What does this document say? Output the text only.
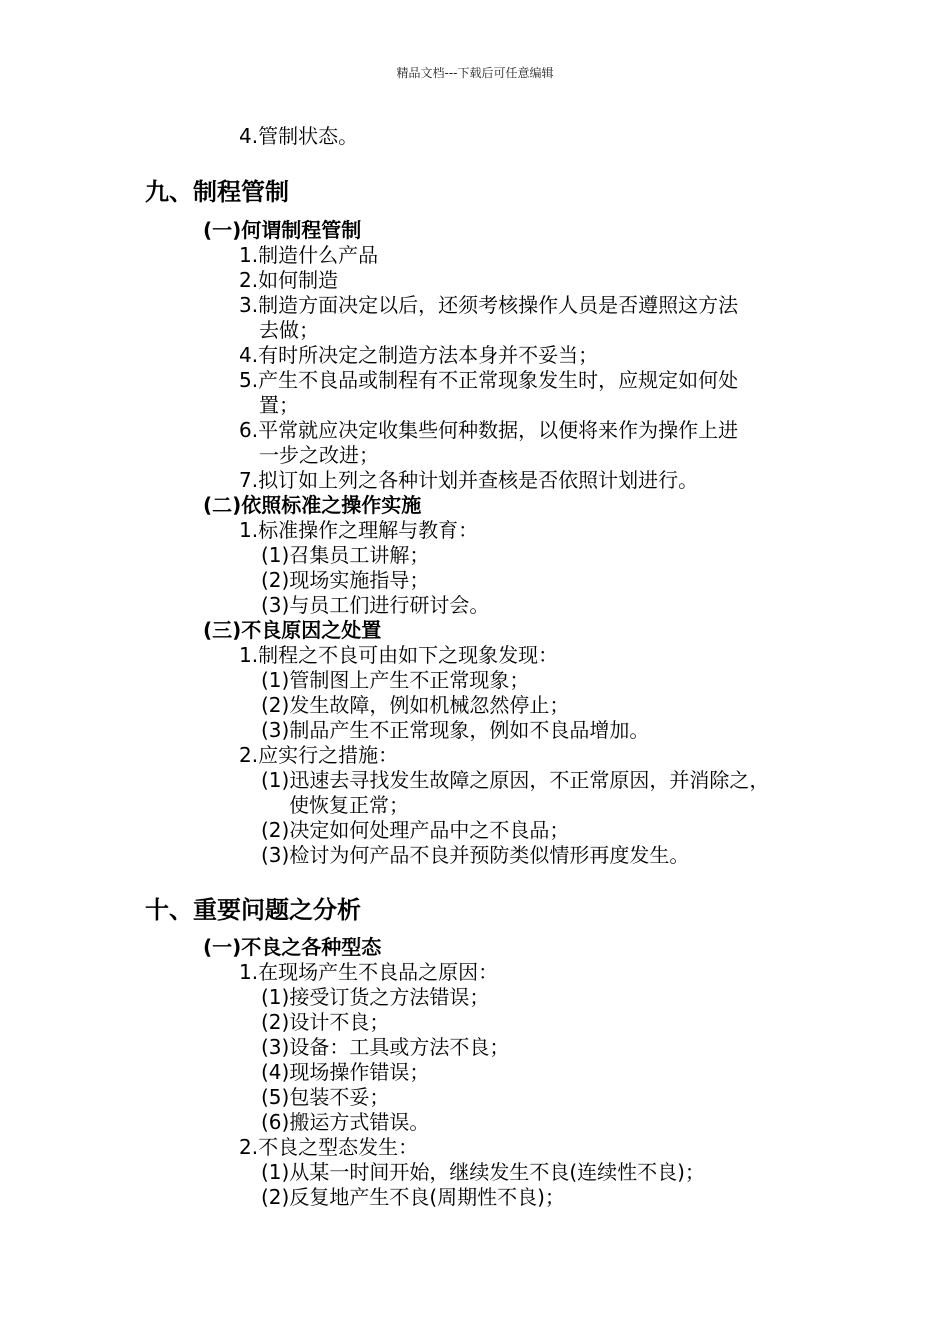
精品文档---下载后可任意编辑
4.管制状态。
九、制程管制
(一)何谓制程管制
1.制造什么产品
2.如何制造
3.制造方面决定以后，还须考核操作人员是否遵照这方法
去做；
4.有时所决定之制造方法本身并不妥当；
5.产生不良品或制程有不正常现象发生时，应规定如何处
置；
6.平常就应决定收集些何种数据，以便将来作为操作上进
一步之改进；
7.拟订如上列之各种计划并查核是否依照计划进行。
(二)依照标准之操作实施
1.标准操作之理解与教育：
(1)召集员工讲解；
(2)现场实施指导；
(3)与员工们进行研讨会。
(三)不良原因之处置
1.制程之不良可由如下之现象发现：
(1)管制图上产生不正常现象；
(2)发生故障，例如机械忽然停止；
(3)制品产生不正常现象，例如不良品增加。
2.应实行之措施：
(1)迅速去寻找发生故障之原因，不正常原因，并消除之，
使恢复正常；
(2)决定如何处理产品中之不良品；
(3)检讨为何产品不良并预防类似情形再度发生。
十、重要问题之分析
(一)不良之各种型态
1.在现场产生不良品之原因：
(1)接受订货之方法错误；
(2)设计不良；
(3)设备：工具或方法不良；
(4)现场操作错误；
(5)包装不妥；
(6)搬运方式错误。
2.不良之型态发生：
(1)从某一时间开始，继续发生不良(连续性不良)；
(2)反复地产生不良(周期性不良)；
